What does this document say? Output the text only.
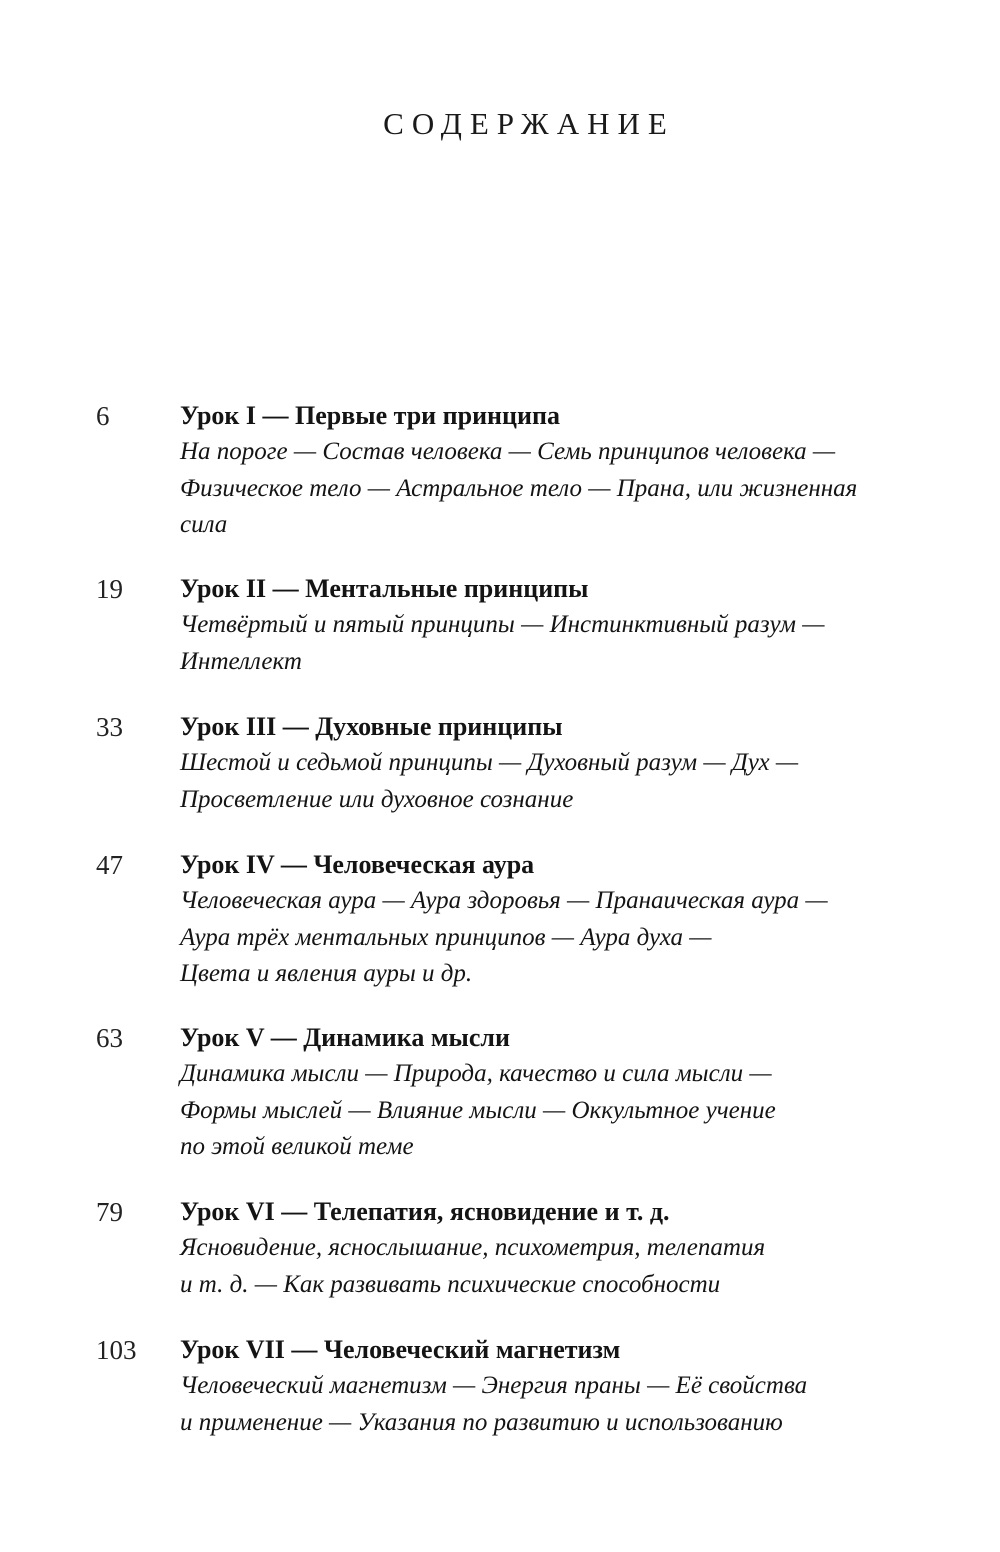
СОДЕРЖАНИЕ
6	Урок I — Первые три принципа

На пороге — Состав человека — Семь принципов человека —
Физическое тело — Астральное тело — Прана, или жизненная
сила

19 Урок II — Ментальные принципы

Четвёртый и пятый принципы — Инстинктивный разум —
Интеллект

33 Урок III — Духовные принципы

Шестой и седьмой принципы — Духовный разум — Дух —
Просветление или духовное сознание

47 Урок IV — Человеческая аура

Человеческая аура — Аура здоровья — Пранаическая аура —
Аура трёх ментальных принципов — Аура духа —
Цвета и явления ауры и др.

63 Урок V — Динамика мысли

Динамика мысли — Природа, качество и сила мысли —
Формы мыслей — Влияние мысли — Оккультное учение
по этой великой теме

79 Урок VI — Телепатия, ясновидение и т. д.

Ясновидение, яснослышание, психометрия, телепатия
и т. д. — Как развивать психические способности

103 Урок VII — Человеческий магнетизм

Человеческий магнетизм — Энергия праны — Её свойства
и применение — Указания по развитию и использованию
